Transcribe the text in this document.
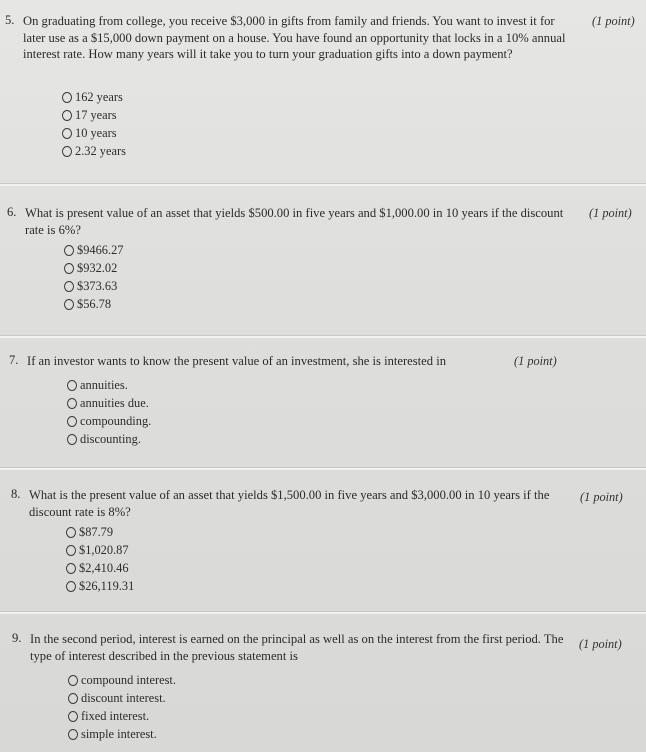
5. On graduating from college, you receive $3,000 in gifts from family and friends. You want to invest it for later use as a $15,000 down payment on a house. You have found an opportunity that locks in a 10% annual interest rate. How many years will it take you to turn your graduation gifts into a down payment?
(1 point)
162 years
17 years
10 years
2.32 years
6. What is present value of an asset that yields $500.00 in five years and $1,000.00 in 10 years if the discount rate is 6%?
(1 point)
$9466.27
$932.02
$373.63
$56.78
7. If an investor wants to know the present value of an investment, she is interested in	(1 point)
annuities.
annuities due.
compounding.
discounting.
8. What is the present value of an asset that yields $1,500.00 in five years and $3,000.00 in 10 years if the discount rate is 8%?
(1 point)
$87.79
$1,020.87
$2,410.46
$26,119.31
9. In the second period, interest is earned on the principal as well as on the interest from the first period. The type of interest described in the previous statement is
(1 point)
compound interest.
discount interest.
fixed interest.
simple interest.
